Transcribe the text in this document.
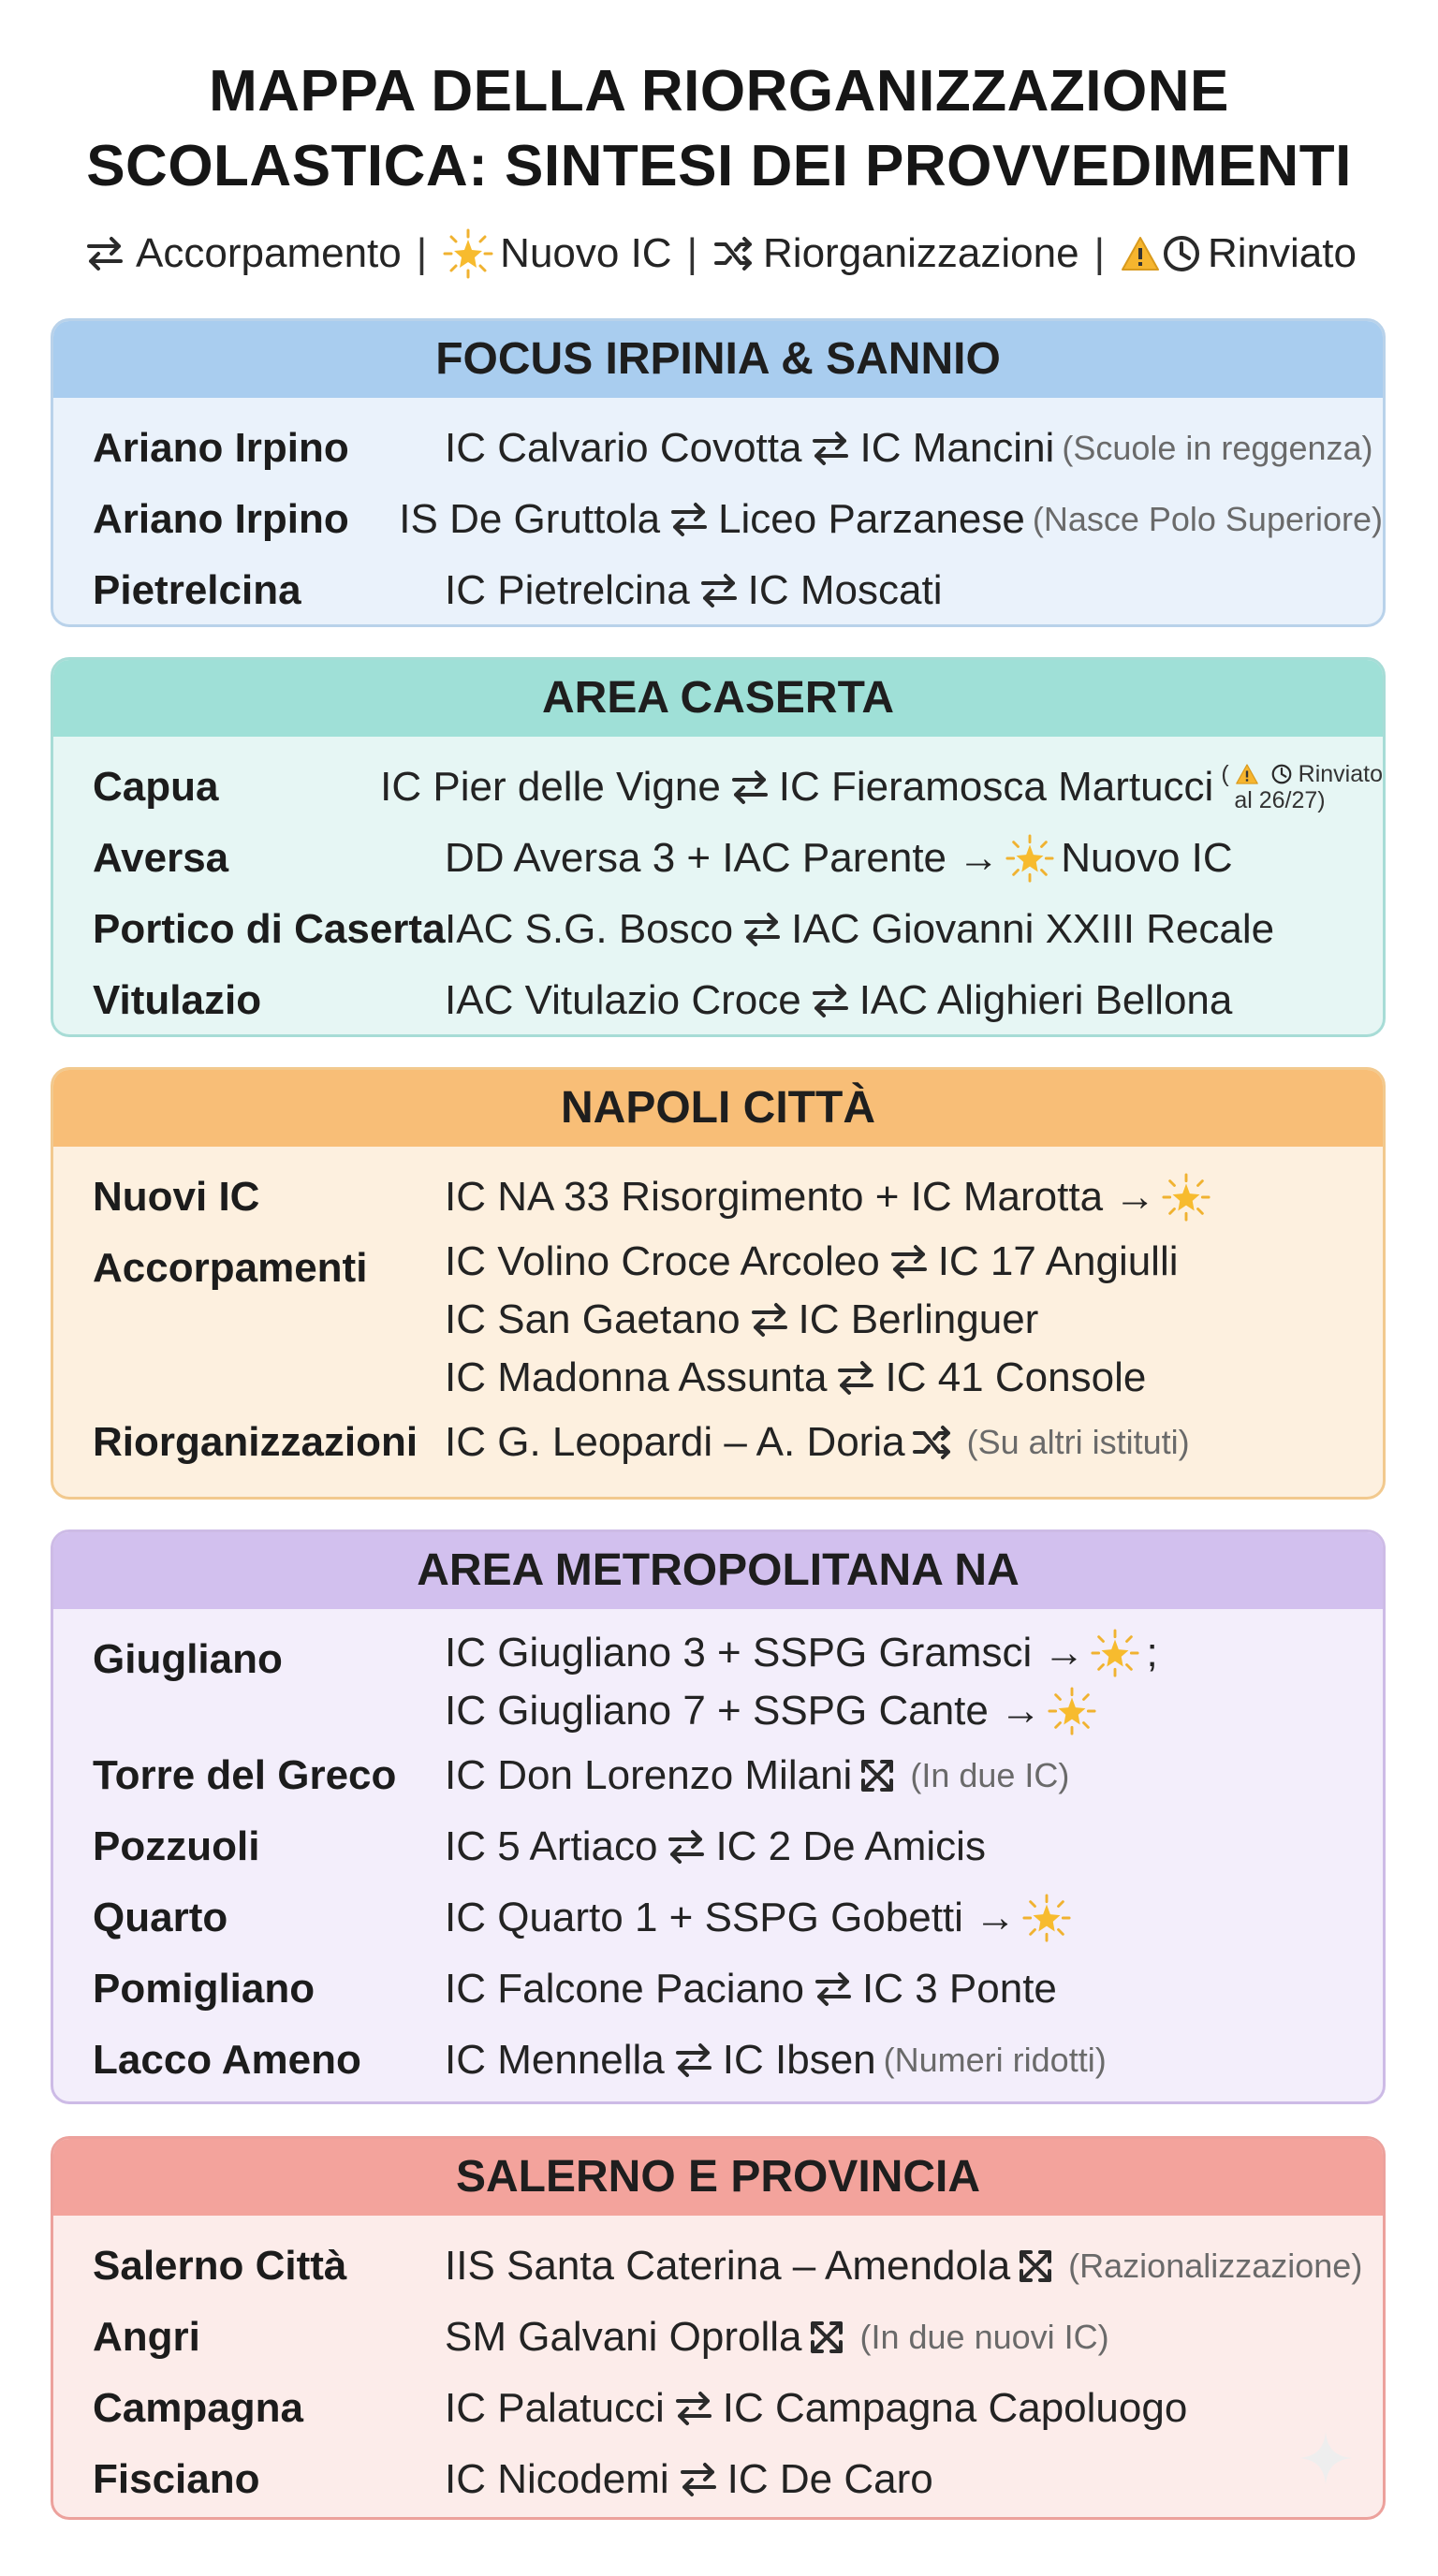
MAPPA DELLA RIORGANIZZAZIONE
SCOLASTICA: SINTESI DEI PROVVEDIMENTI
Accorpamento | Nuovo IC | Riorganizzazione |	Rinviato
FOCUS IRPINIA & SANNIO
Ariano Irpino	IC Calvario Covotta IC Mancini (Scuole in reggenza)
Ariano Irpino	IS De Gruttola Liceo Parzanese (Nasce Polo Superiore)
Pietrelcina	IC Pietrelcina IC Moscati
AREA CASERTA
Capua	IC Pier delle Vigne IC Fieramosca Martucci (	Rinviato
al 26/27)
Aversa	DD Aversa 3 + IAC Parente → Nuovo IC
Portico di Caserta IAC S.G. Bosco IAC Giovanni XXIII Recale
Vitulazio	IAC Vitulazio Croce IAC Alighieri Bellona
NAPOLI CITTÀ
Nuovi IC	IC NA 33 Risorgimento + IC Marotta →
Accorpamenti	IC Volino Croce Arcoleo IC 17 Angiulli
IC San Gaetano IC Berlinguer
IC Madonna Assunta IC 41 Console
Riorganizzazioni IC G. Leopardi – A. Doria (Su altri istituti)
AREA METROPOLITANA NA
Giugliano	IC Giugliano 3 + SSPG Gramsci → ;
IC Giugliano 7 + SSPG Cante →
Torre del Greco	IC Don Lorenzo Milani (In due IC)
Pozzuoli	IC 5 Artiaco IC 2 De Amicis
Quarto	IC Quarto 1 + SSPG Gobetti →
Pomigliano	IC Falcone Paciano IC 3 Ponte
Lacco Ameno	IC Mennella IC Ibsen (Numeri ridotti)
SALERNO E PROVINCIA
Salerno Città	IIS Santa Caterina – Amendola (Razionalizzazione)
Angri	SM Galvani Oprolla (In due nuovi IC)
Campagna	IC Palatucci IC Campagna Capoluogo
Fisciano	IC Nicodemi IC De Caro
